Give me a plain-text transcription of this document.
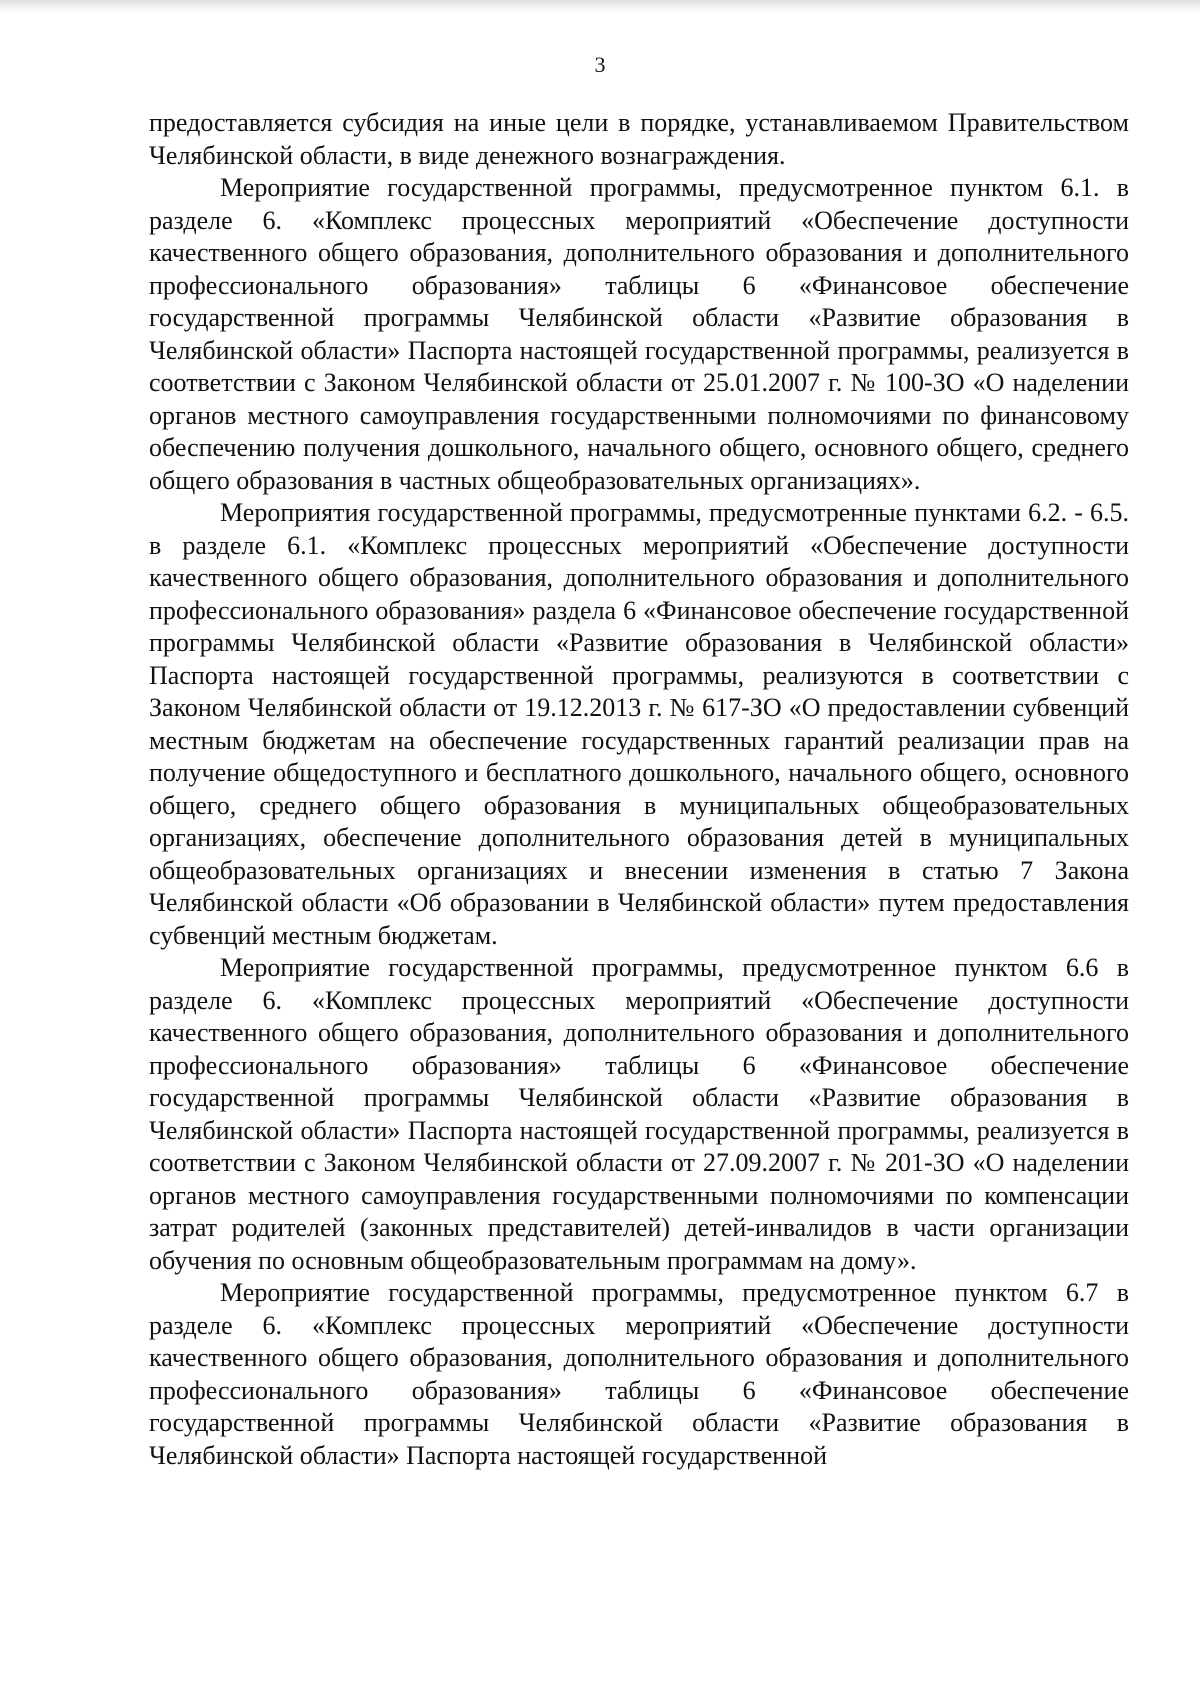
3

предоставляется субсидия на иные цели в порядке, устанавливаемом Правительством Челябинской области, в виде денежного вознаграждения.

Мероприятие государственной программы, предусмотренное пунктом 6.1. в разделе 6. «Комплекс процессных мероприятий «Обеспечение доступности качественного общего образования, дополнительного образования и дополнительного профессионального образования» таблицы 6 «Финансовое обеспечение государственной программы Челябинской области «Развитие образования в Челябинской области» Паспорта настоящей государственной программы, реализуется в соответствии с Законом Челябинской области от 25.01.2007 г. № 100-ЗО «О наделении органов местного самоуправления государственными полномочиями по финансовому обеспечению получения дошкольного, начального общего, основного общего, среднего общего образования в частных общеобразовательных организациях».

Мероприятия государственной программы, предусмотренные пунктами 6.2. - 6.5. в разделе 6.1. «Комплекс процессных мероприятий «Обеспечение доступности качественного общего образования, дополнительного образования и дополнительного профессионального образования» раздела 6 «Финансовое обеспечение государственной программы Челябинской области «Развитие образования в Челябинской области» Паспорта настоящей государственной программы, реализуются в соответствии с Законом Челябинской области от 19.12.2013 г. № 617-ЗО «О предоставлении субвенций местным бюджетам на обеспечение государственных гарантий реализации прав на получение общедоступного и бесплатного дошкольного, начального общего, основного общего, среднего общего образования в муниципальных общеобразовательных организациях, обеспечение дополнительного образования детей в муниципальных общеобразовательных организациях и внесении изменения в статью 7 Закона Челябинской области «Об образовании в Челябинской области» путем предоставления субвенций местным бюджетам.

Мероприятие государственной программы, предусмотренное пунктом 6.6 в разделе 6. «Комплекс процессных мероприятий «Обеспечение доступности качественного общего образования, дополнительного образования и дополнительного профессионального образования» таблицы 6 «Финансовое обеспечение государственной программы Челябинской области «Развитие образования в Челябинской области» Паспорта настоящей государственной программы, реализуется в соответствии с Законом Челябинской области от 27.09.2007 г. № 201-ЗО «О наделении органов местного самоуправления государственными полномочиями по компенсации затрат родителей (законных представителей) детей-инвалидов в части организации обучения по основным общеобразовательным программам на дому».

Мероприятие государственной программы, предусмотренное пунктом 6.7 в разделе 6. «Комплекс процессных мероприятий «Обеспечение доступности качественного общего образования, дополнительного образования и дополнительного профессионального образования» таблицы 6 «Финансовое обеспечение государственной программы Челябинской области «Развитие образования в Челябинской области» Паспорта настоящей государственной
